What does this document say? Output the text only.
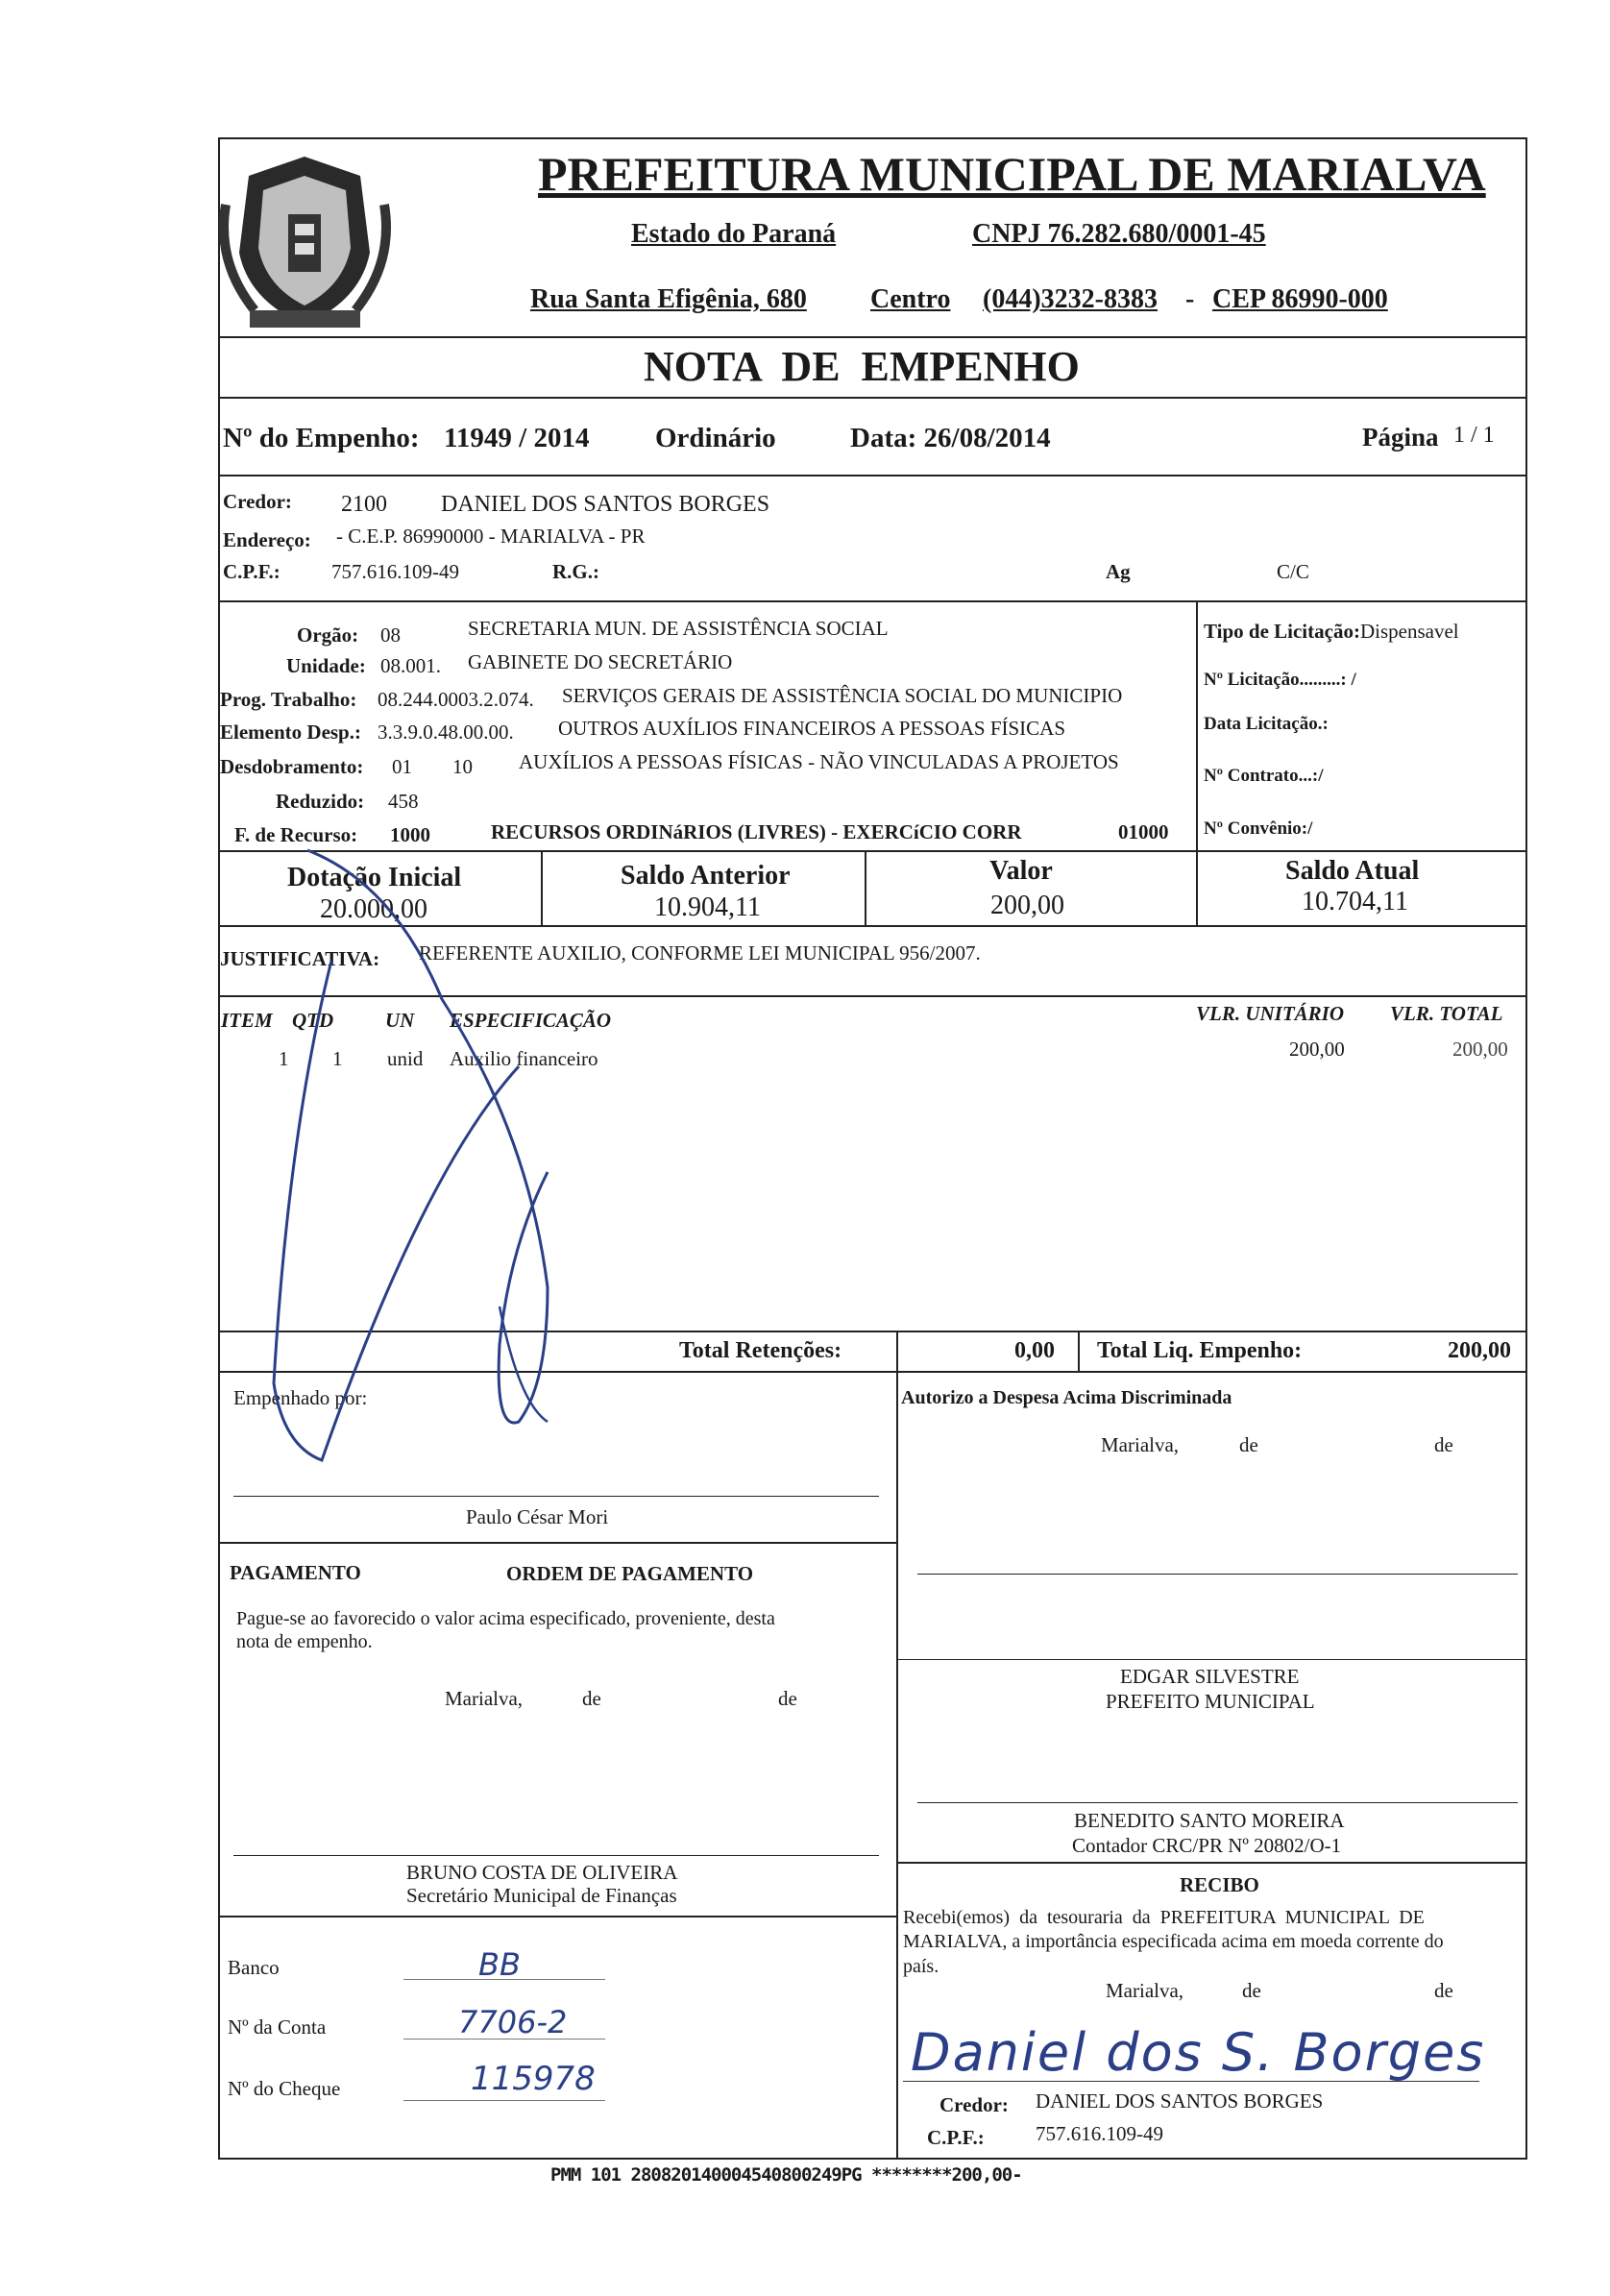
PREFEITURA MUNICIPAL DE MARIALVA
Estado do Paraná	CNPJ 76.282.680/0001-45
Rua Santa Efigênia, 680 Centro (044)3232-8383 - CEP 86990-000
NOTA  DE  EMPENHO
Nº do Empenho: 11949 / 2014 Ordinário	Data: 26/08/2014	Página 1 / 1
Credor: 2100 DANIEL DOS SANTOS BORGES
Endereço: - C.E.P. 86990000 - MARIALVA - PR
C.P.F.:	757.616.109-49	R.G.:	Ag	C/C
Orgão: 08	SECRETARIA MUN. DE ASSISTÊNCIA SOCIAL
Unidade: 08.001. GABINETE DO SECRETÁRIO
Prog. Trabalho: 08.244.0003.2.074. SERVIÇOS GERAIS DE ASSISTÊNCIA SOCIAL DO MUNICIPIO
Elemento Desp.: 3.3.9.0.48.00.00. OUTROS AUXÍLIOS FINANCEIROS A PESSOAS FÍSICAS
Desdobramento: 01 10 AUXÍLIOS A PESSOAS FÍSICAS - NÃO VINCULADAS A PROJETOS
Reduzido: 458
F. de Recurso: 1000	RECURSOS ORDINáRIOS (LIVRES) - EXERCíCIO CORR	01000
Tipo de Licitação:Dispensavel
Nº Licitação.........: /
Data Licitação.:
Nº Contrato...:/
Nº Convênio:/
Dotação Inicial
20.000,00
Saldo Anterior
10.904,11
Valor
200,00
Saldo Atual
10.704,11
JUSTIFICATIVA: REFERENTE AUXILIO, CONFORME LEI MUNICIPAL 956/2007.
ITEM QTD	UN ESPECIFICAÇÃO	VLR. UNITÁRIO VLR. TOTAL
1 1 unid Auxilio financeiro	200,00	200,00
Total Retenções:	0,00 Total Liq. Empenho:	200,00
Empenhado por:	Autorizo a Despesa Acima Discriminada
Marialva,	de	de
Paulo César Mori
PAGAMENTO	ORDEM DE PAGAMENTO
Pague-se ao favorecido o valor acima especificado, proveniente, desta
nota de empenho.
Marialva,	de	de
EDGAR SILVESTRE
PREFEITO MUNICIPAL
BENEDITO SANTO MOREIRA
Contador CRC/PR Nº 20802/O-1
BRUNO COSTA DE OLIVEIRA
Secretário Municipal de Finanças	RECIBO
Recebi(emos)  da  tesouraria  da  PREFEITURA  MUNICIPAL  DE
MARIALVA, a importância especificada acima em moeda corrente do
país.
Marialva,	de	de
Banco	BB
Nº da Conta	7706-2
Nº do Cheque	115978	Daniel dos S. Borges
Credor: DANIEL DOS SANTOS BORGES
C.P.F.:	757.616.109-49
PMM 101 28082014000454080024​9PG ********200,00-
